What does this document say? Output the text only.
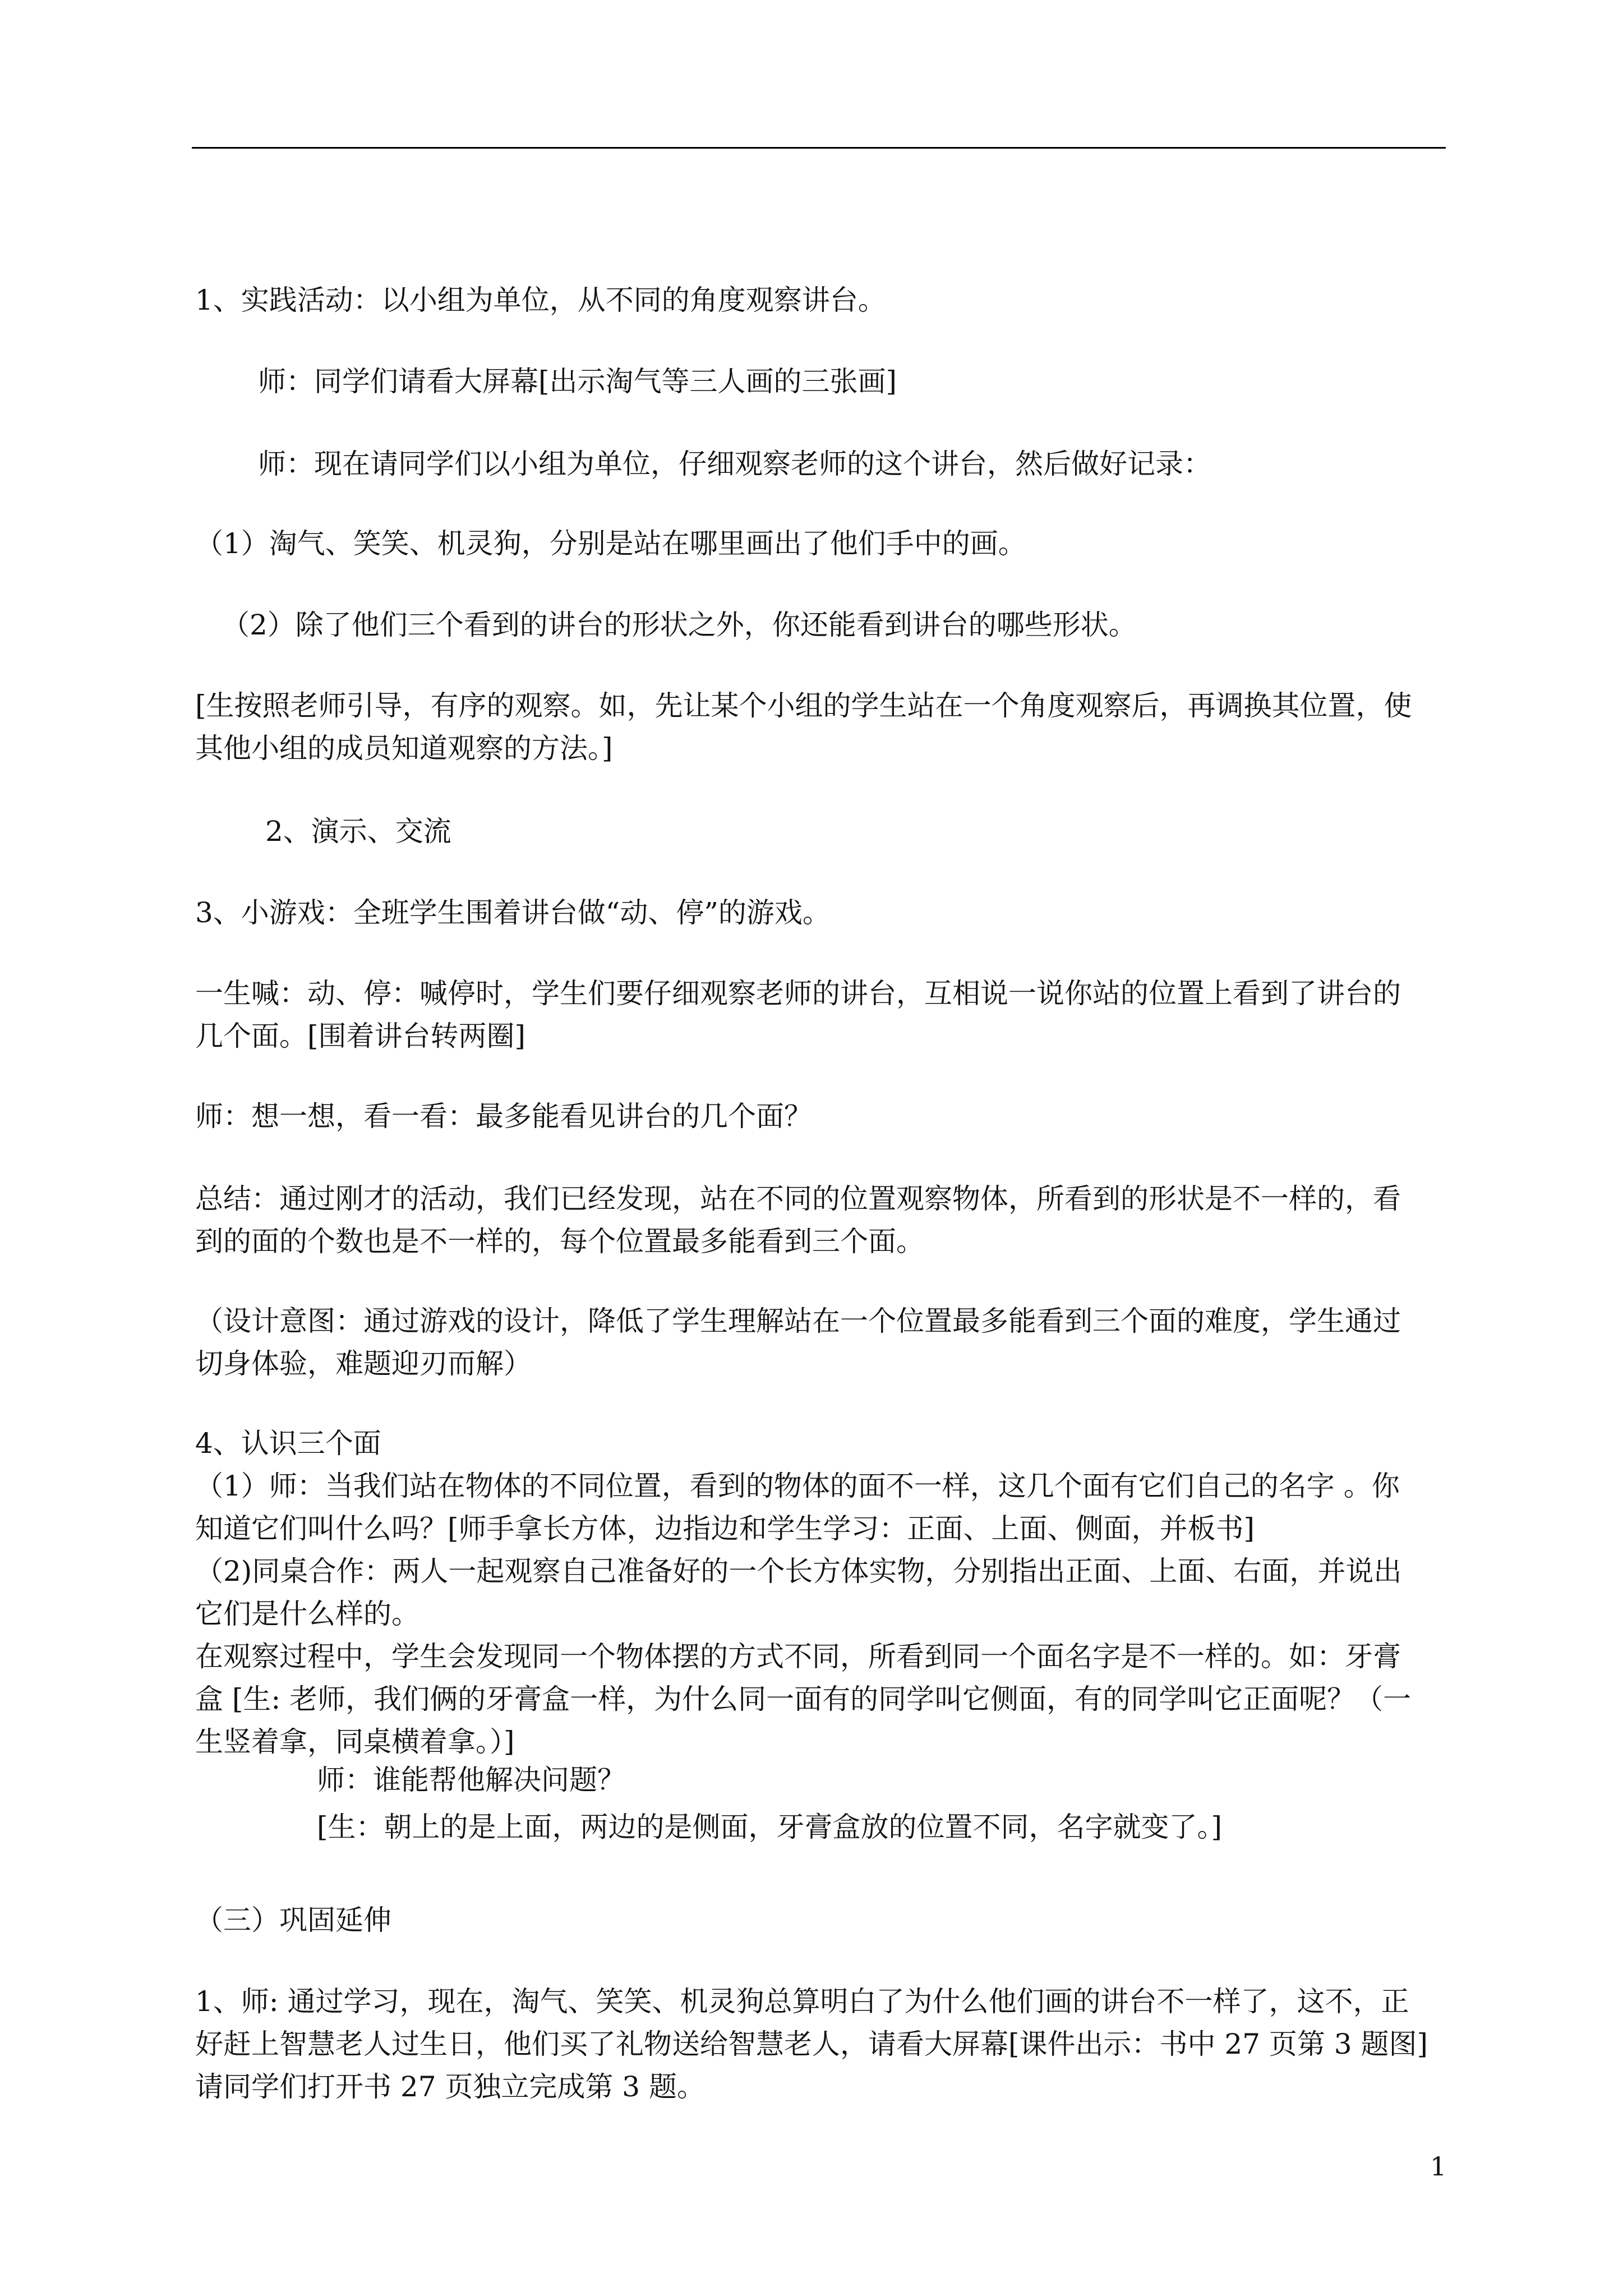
1、实践活动：以小组为单位，从不同的角度观察讲台。
师：同学们请看大屏幕[出示淘气等三人画的三张画]
师：现在请同学们以小组为单位，仔细观察老师的这个讲台，然后做好记录：
（1）淘气、笑笑、机灵狗，分别是站在哪里画出了他们手中的画。
（2）除了他们三个看到的讲台的形状之外，你还能看到讲台的哪些形状。
[生按照老师引导，有序的观察。如，先让某个小组的学生站在一个角度观察后，再调换其位置，使
其他小组的成员知道观察的方法。]
2、演示、交流
3、小游戏：全班学生围着讲台做“动、停”的游戏。
一生喊：动、停：喊停时，学生们要仔细观察老师的讲台，互相说一说你站的位置上看到了讲台的
几个面。[围着讲台转两圈]
师：想一想，看一看：最多能看见讲台的几个面？
总结：通过刚才的活动，我们已经发现，站在不同的位置观察物体，所看到的形状是不一样的，看
到的面的个数也是不一样的，每个位置最多能看到三个面。
（设计意图：通过游戏的设计，降低了学生理解站在一个位置最多能看到三个面的难度，学生通过
切身体验，难题迎刃而解）
4、认识三个面
（1）师：当我们站在物体的不同位置，看到的物体的面不一样，这几个面有它们自己的名字 。你
知道它们叫什么吗？[师手拿长方体，边指边和学生学习：正面、上面、侧面，并板书]
（2)同桌合作：两人一起观察自己准备好的一个长方体实物，分别指出正面、上面、右面，并说出
它们是什么样的。
在观察过程中，学生会发现同一个物体摆的方式不同，所看到同一个面名字是不一样的。如：牙膏
盒 [生: 老师，我们俩的牙膏盒一样，为什么同一面有的同学叫它侧面，有的同学叫它正面呢？（一
生竖着拿，同桌横着拿。）]
师：谁能帮他解决问题？
[生：朝上的是上面，两边的是侧面，牙膏盒放的位置不同，名字就变了。]
（三）巩固延伸
1、师: 通过学习，现在，淘气、笑笑、机灵狗总算明白了为什么他们画的讲台不一样了，这不，正
好赶上智慧老人过生日，他们买了礼物送给智慧老人，请看大屏幕[课件出示：书中 27 页第 3 题图]
请同学们打开书 27 页独立完成第 3 题。
1
